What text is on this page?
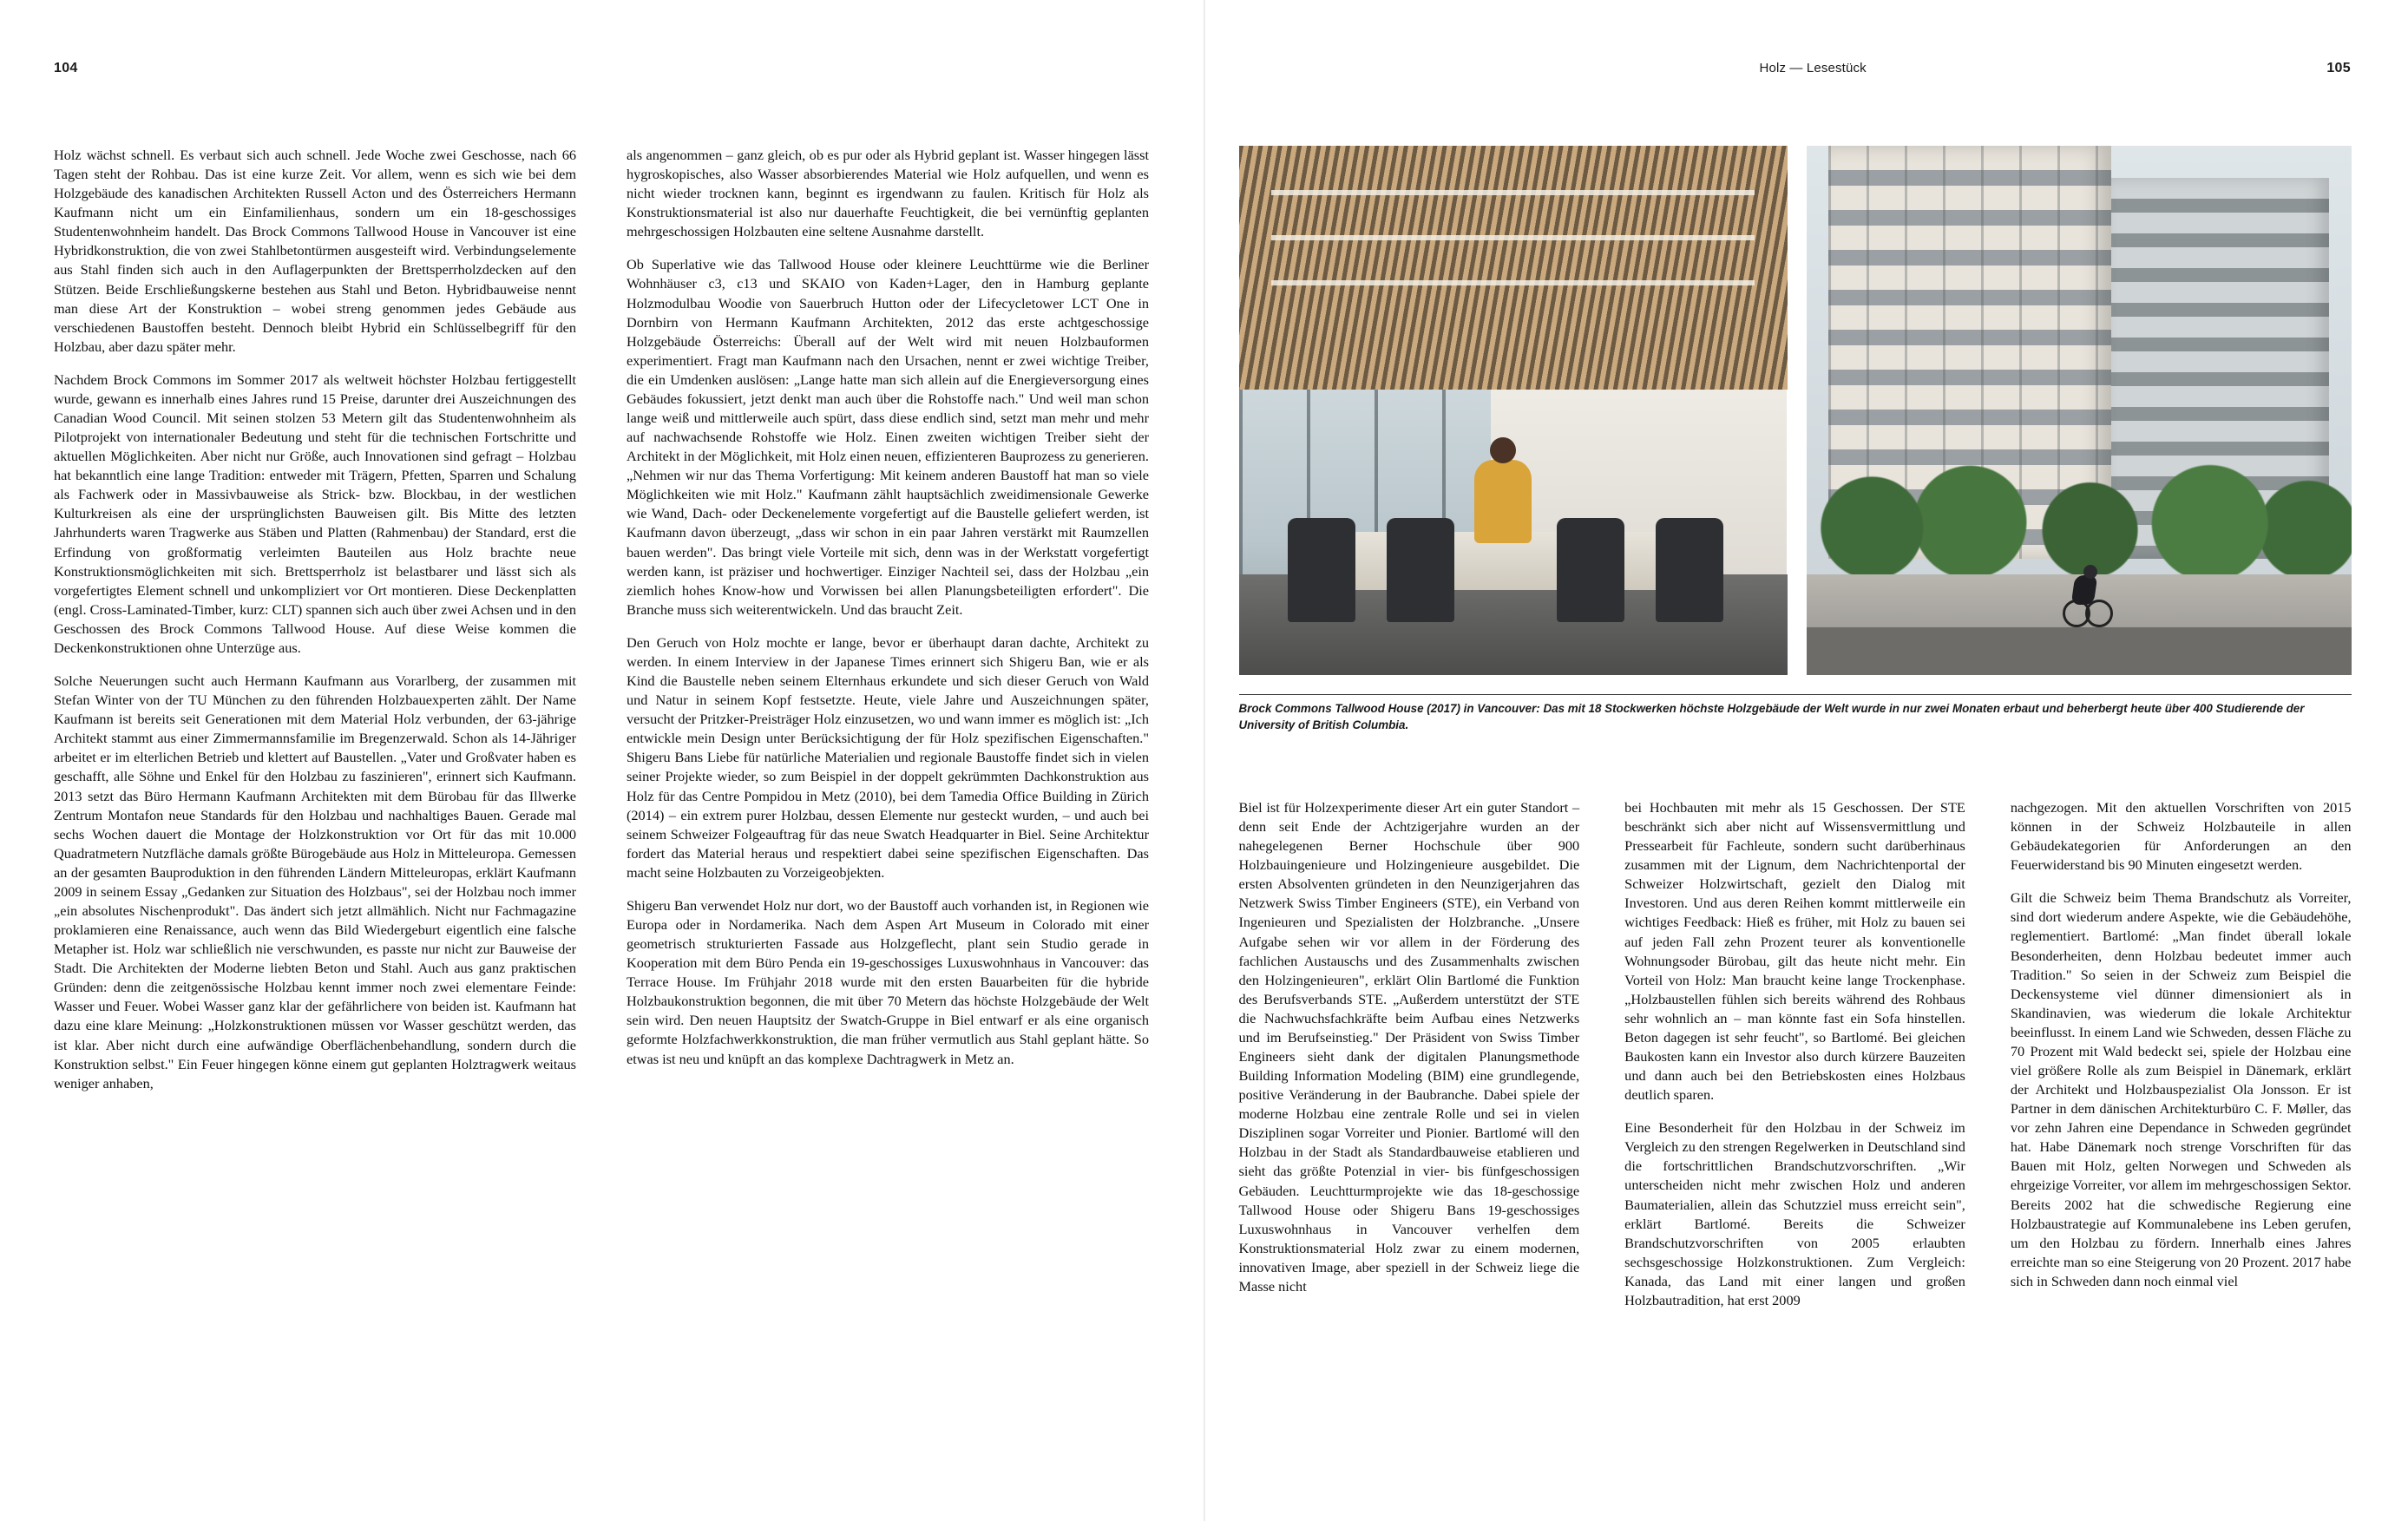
104

Holz wächst schnell. Es verbaut sich auch schnell. Jede Woche zwei Geschosse, nach 66 Tagen steht der Rohbau. Das ist eine kurze Zeit. Vor allem, wenn es sich wie bei dem Holzgebäude des kanadischen Architekten Russell Acton und des Österreichers Hermann Kaufmann nicht um ein Einfamilienhaus, sondern um ein 18-geschossiges Studentenwohnheim handelt. Das Brock Commons Tallwood House in Vancouver ist eine Hybridkonstruktion, die von zwei Stahlbetontürmen ausgesteift wird. Verbindungselemente aus Stahl finden sich auch in den Auflagerpunkten der Brettsperrholzdecken auf den Stützen. Beide Erschließungskerne bestehen aus Stahl und Beton. Hybridbauweise nennt man diese Art der Konstruktion – wobei streng genommen jedes Gebäude aus verschiedenen Baustoffen besteht. Dennoch bleibt Hybrid ein Schlüsselbegriff für den Holzbau, aber dazu später mehr.

Nachdem Brock Commons im Sommer 2017 als weltweit höchster Holzbau fertiggestellt wurde, gewann es innerhalb eines Jahres rund 15 Preise, darunter drei Auszeichnungen des Canadian Wood Council. Mit seinen stolzen 53 Metern gilt das Studentenwohnheim als Pilotprojekt von internationaler Bedeutung und steht für die technischen Fortschritte und aktuellen Möglichkeiten. Aber nicht nur Größe, auch Innovationen sind gefragt – Holzbau hat bekanntlich eine lange Tradition: entweder mit Trägern, Pfetten, Sparren und Schalung als Fachwerk oder in Massivbauweise als Strick- bzw. Blockbau, in der westlichen Kulturkreisen als eine der ursprünglichsten Bauweisen gilt. Bis Mitte des letzten Jahrhunderts waren Tragwerke aus Stäben und Platten (Rahmenbau) der Standard, erst die Erfindung von großformatig verleimten Bauteilen aus Holz brachte neue Konstruktionsmöglichkeiten mit sich. Brettsperrholz ist belastbarer und lässt sich als vorgefertigtes Element schnell und unkompliziert vor Ort montieren. Diese Deckenplatten (engl. Cross-Laminated-Timber, kurz: CLT) spannen sich auch über zwei Achsen und in den Geschossen des Brock Commons Tallwood House. Auf diese Weise kommen die Deckenkonstruktionen ohne Unterzüge aus.

Solche Neuerungen sucht auch Hermann Kaufmann aus Vorarlberg, der zusammen mit Stefan Winter von der TU München zu den führenden Holzbauexperten zählt. Der Name Kaufmann ist bereits seit Generationen mit dem Material Holz verbunden, der 63-jährige Architekt stammt aus einer Zimmermannsfamilie im Bregenzerwald. Schon als 14-Jähriger arbeitet er im elterlichen Betrieb und klettert auf Baustellen. „Vater und Großvater haben es geschafft, alle Söhne und Enkel für den Holzbau zu faszinieren", erinnert sich Kaufmann. 2013 setzt das Büro Hermann Kaufmann Architekten mit dem Bürobau für das Illwerke Zentrum Montafon neue Standards für den Holzbau und nachhaltiges Bauen. Gerade mal sechs Wochen dauert die Montage der Holzkonstruktion vor Ort für das mit 10.000 Quadratmetern Nutzfläche damals größte Bürogebäude aus Holz in Mitteleuropa. Gemessen an der gesamten Bauproduktion in den führenden Ländern Mitteleuropas, erklärt Kaufmann 2009 in seinem Essay „Gedanken zur Situation des Holzbaus", sei der Holzbau noch immer „ein absolutes Nischenprodukt". Das ändert sich jetzt allmählich. Nicht nur Fachmagazine proklamieren eine Renaissance, auch wenn das Bild Wiedergeburt eigentlich eine falsche Metapher ist. Holz war schließlich nie verschwunden, es passte nur nicht zur Bauweise der Stadt. Die Architekten der Moderne liebten Beton und Stahl. Auch aus ganz praktischen Gründen: denn die zeitgenössische Holzbau kennt immer noch zwei elementare Feinde: Wasser und Feuer. Wobei Wasser ganz klar der gefährlichere von beiden ist. Kaufmann hat dazu eine klare Meinung: „Holzkonstruktionen müssen vor Wasser geschützt werden, das ist klar. Aber nicht durch eine aufwändige Oberflächenbehandlung, sondern durch die Konstruktion selbst." Ein Feuer hingegen könne einem gut geplanten Holztragwerk weitaus weniger anhaben,

als angenommen – ganz gleich, ob es pur oder als Hybrid geplant ist. Wasser hingegen lässt hygroskopisches, also Wasser absorbierendes Material wie Holz aufquellen, und wenn es nicht wieder trocknen kann, beginnt es irgendwann zu faulen. Kritisch für Holz als Konstruktionsmaterial ist also nur dauerhafte Feuchtigkeit, die bei vernünftig geplanten mehrgeschossigen Holzbauten eine seltene Ausnahme darstellt.

Ob Superlative wie das Tallwood House oder kleinere Leuchttürme wie die Berliner Wohnhäuser c3, c13 und SKAIO von Kaden+Lager, den in Hamburg geplante Holzmodulbau Woodie von Sauerbruch Hutton oder der Lifecycletower LCT One in Dornbirn von Hermann Kaufmann Architekten, 2012 das erste achtgeschossige Holzgebäude Österreichs: Überall auf der Welt wird mit neuen Holzbauformen experimentiert. Fragt man Kaufmann nach den Ursachen, nennt er zwei wichtige Treiber, die ein Umdenken auslösen: „Lange hatte man sich allein auf die Energieversorgung eines Gebäudes fokussiert, jetzt denkt man auch über die Rohstoffe nach." Und weil man schon lange weiß und mittlerweile auch spürt, dass diese endlich sind, setzt man mehr und mehr auf nachwachsende Rohstoffe wie Holz. Einen zweiten wichtigen Treiber sieht der Architekt in der Möglichkeit, mit Holz einen neuen, effizienteren Bauprozess zu generieren. „Nehmen wir nur das Thema Vorfertigung: Mit keinem anderen Baustoff hat man so viele Möglichkeiten wie mit Holz." Kaufmann zählt hauptsächlich zweidimensionale Gewerke wie Wand, Dach- oder Deckenelemente vorgefertigt auf die Baustelle geliefert werden, ist Kaufmann davon überzeugt, „dass wir schon in ein paar Jahren verstärkt mit Raumzellen bauen werden". Das bringt viele Vorteile mit sich, denn was in der Werkstatt vorgefertigt werden kann, ist präziser und hochwertiger. Einziger Nachteil sei, dass der Holzbau „ein ziemlich hohes Know-how und Vorwissen bei allen Planungsbeteiligten erfordert". Die Branche muss sich weiterentwickeln. Und das braucht Zeit.

Den Geruch von Holz mochte er lange, bevor er überhaupt daran dachte, Architekt zu werden. In einem Interview in der Japanese Times erinnert sich Shigeru Ban, wie er als Kind die Baustelle neben seinem Elternhaus erkundete und sich dieser Geruch von Wald und Natur in seinem Kopf festsetzte. Heute, viele Jahre und Auszeichnungen später, versucht der Pritzker-Preisträger Holz einzusetzen, wo und wann immer es möglich ist: „Ich entwickle mein Design unter Berücksichtigung der für Holz spezifischen Eigenschaften." Shigeru Bans Liebe für natürliche Materialien und regionale Baustoffe findet sich in vielen seiner Projekte wieder, so zum Beispiel in der doppelt gekrümmten Dachkonstruktion aus Holz für das Centre Pompidou in Metz (2010), bei dem Tamedia Office Building in Zürich (2014) – ein extrem purer Holzbau, dessen Elemente nur gesteckt wurden, – und auch bei seinem Schweizer Folgeauftrag für das neue Swatch Headquarter in Biel. Seine Architektur fordert das Material heraus und respektiert dabei seine spezifischen Eigenschaften. Das macht seine Holzbauten zu Vorzeigeobjekten.

Shigeru Ban verwendet Holz nur dort, wo der Baustoff auch vorhanden ist, in Regionen wie Europa oder in Nordamerika. Nach dem Aspen Art Museum in Colorado mit einer geometrisch strukturierten Fassade aus Holzgeflecht, plant sein Studio gerade in Kooperation mit dem Büro Penda ein 19-geschossiges Luxuswohnhaus in Vancouver: das Terrace House. Im Frühjahr 2018 wurde mit den ersten Bauarbeiten für die hybride Holzbaukonstruktion begonnen, die mit über 70 Metern das höchste Holzgebäude der Welt sein wird. Den neuen Hauptsitz der Swatch-Gruppe in Biel entwarf er als eine organisch geformte Holzfachwerkkonstruktion, die man früher vermutlich aus Stahl geplant hätte. So etwas ist neu und knüpft an das komplexe Dachtragwerk in Metz an.

Holz — Lesestück	105
Brock Commons Tallwood House (2017) in Vancouver: Das mit 18 Stockwerken höchste Holzgebäude der Welt wurde in nur zwei Monaten erbaut und beherbergt heute über 400 Studierende der University of British Columbia.

Biel ist für Holzexperimente dieser Art ein guter Standort – denn seit Ende der Achtzigerjahre wurden an der nahegelegenen Berner Hochschule über 900 Holzbauingenieure und Holzingenieure ausgebildet. Die ersten Absolventen gründeten in den Neunzigerjahren das Netzwerk Swiss Timber Engineers (STE), ein Verband von Ingenieuren und Spezialisten der Holzbranche. „Unsere Aufgabe sehen wir vor allem in der Förderung des fachlichen Austauschs und des Zusammenhalts zwischen den Holzingenieuren", erklärt Olin Bartlomé die Funktion des Berufsverbands STE. „Außerdem unterstützt der STE die Nachwuchsfachkräfte beim Aufbau eines Netzwerks und im Berufseinstieg." Der Präsident von Swiss Timber Engineers sieht dank der digitalen Planungsmethode Building Information Modeling (BIM) eine grundlegende, positive Veränderung in der Baubranche. Dabei spiele der moderne Holzbau eine zentrale Rolle und sei in vielen Disziplinen sogar Vorreiter und Pionier. Bartlomé will den Holzbau in der Stadt als Standardbauweise etablieren und sieht das größte Potenzial in vier- bis fünfgeschossigen Gebäuden. Leuchtturmprojekte wie das 18-geschossige Tallwood House oder Shigeru Bans 19-geschossiges Luxuswohnhaus in Vancouver verhelfen dem Konstruktionsmaterial Holz zwar zu einem modernen, innovativen Image, aber speziell in der Schweiz liege die Masse nicht

bei Hochbauten mit mehr als 15 Geschossen. Der STE beschränkt sich aber nicht auf Wissensvermittlung und Pressearbeit für Fachleute, sondern sucht darüberhinaus zusammen mit der Lignum, dem Nachrichtenportal der Schweizer Holzwirtschaft, gezielt den Dialog mit Investoren. Und aus deren Reihen kommt mittlerweile ein wichtiges Feedback: Hieß es früher, mit Holz zu bauen sei auf jeden Fall zehn Prozent teurer als konventionelle Wohnungsoder Bürobau, gilt das heute nicht mehr. Ein Vorteil von Holz: Man braucht keine lange Trockenphase. „Holzbaustellen fühlen sich bereits während des Rohbaus sehr wohnlich an – man könnte fast ein Sofa hinstellen. Beton dagegen ist sehr feucht", so Bartlomé. Bei gleichen Baukosten kann ein Investor also durch kürzere Bauzeiten und dann auch bei den Betriebskosten eines Holzbaus deutlich sparen.

Eine Besonderheit für den Holzbau in der Schweiz im Vergleich zu den strengen Regelwerken in Deutschland sind die fortschrittlichen Brandschutzvorschriften. „Wir unterscheiden nicht mehr zwischen Holz und anderen Baumaterialien, allein das Schutzziel muss erreicht sein", erklärt Bartlomé. Bereits die Schweizer Brandschutzvorschriften von 2005 erlaubten sechsgeschossige Holzkonstruktionen. Zum Vergleich: Kanada, das Land mit einer langen und großen Holzbautradition, hat erst 2009

nachgezogen. Mit den aktuellen Vorschriften von 2015 können in der Schweiz Holzbauteile in allen Gebäudekategorien für Anforderungen an den Feuerwiderstand bis 90 Minuten eingesetzt werden.

Gilt die Schweiz beim Thema Brandschutz als Vorreiter, sind dort wiederum andere Aspekte, wie die Gebäudehöhe, reglementiert. Bartlomé: „Man findet überall lokale Besonderheiten, denn Holzbau bedeutet immer auch Tradition." So seien in der Schweiz zum Beispiel die Deckensysteme viel dünner dimensioniert als in Skandinavien, was wiederum die lokale Architektur beeinflusst. In einem Land wie Schweden, dessen Fläche zu 70 Prozent mit Wald bedeckt sei, spiele der Holzbau eine viel größere Rolle als zum Beispiel in Dänemark, erklärt der Architekt und Holzbauspezialist Ola Jonsson. Er ist Partner in dem dänischen Architekturbüro C. F. Møller, das vor zehn Jahren eine Dependance in Schweden gegründet hat. Habe Dänemark noch strenge Vorschriften für das Bauen mit Holz, gelten Norwegen und Schweden als ehrgeizige Vorreiter, vor allem im mehrgeschossigen Sektor. Bereits 2002 hat die schwedische Regierung eine Holzbaustrategie auf Kommunalebene ins Leben gerufen, um den Holzbau zu fördern. Innerhalb eines Jahres erreichte man so eine Steigerung von 20 Prozent. 2017 habe sich in Schweden dann noch einmal viel
